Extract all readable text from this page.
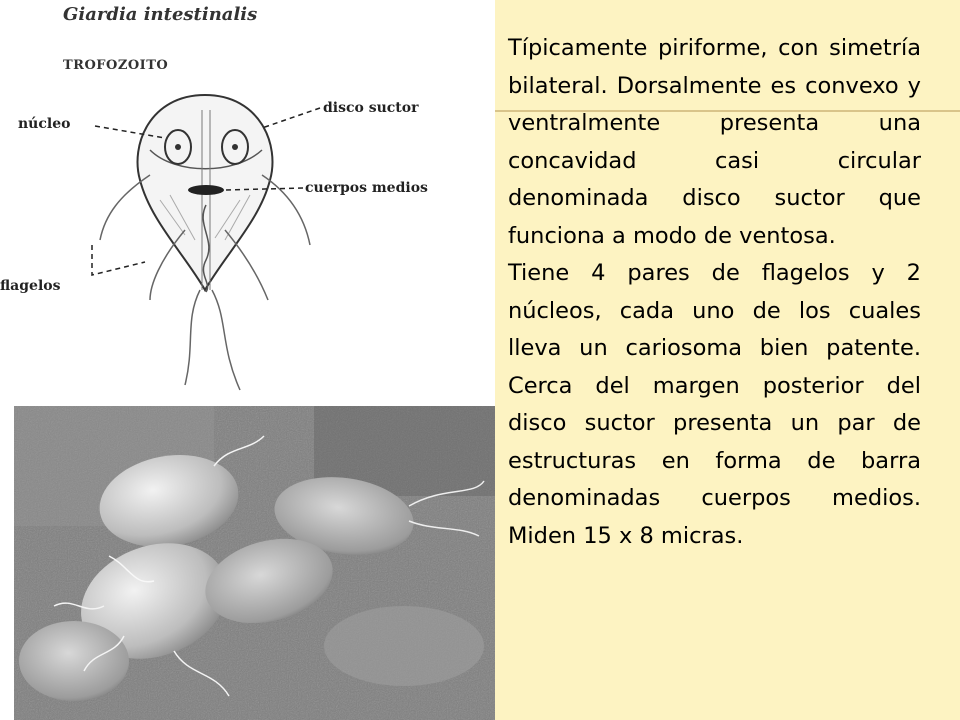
Giardia intestinalis
TROFOZOITO
núcleo
disco suctor
cuerpos medios
flagelos

Típicamente piriforme, con simetría bilateral. Dorsalmente es convexo y ventralmente presenta una concavidad casi circular denominada disco suctor que funciona a modo de ventosa.

Tiene 4 pares de flagelos y 2 núcleos, cada uno de los cuales lleva un cariosoma bien patente. Cerca del margen posterior del disco suctor presenta un par de estructuras en forma de barra denominadas cuerpos medios. Miden 15 x 8 micras.
